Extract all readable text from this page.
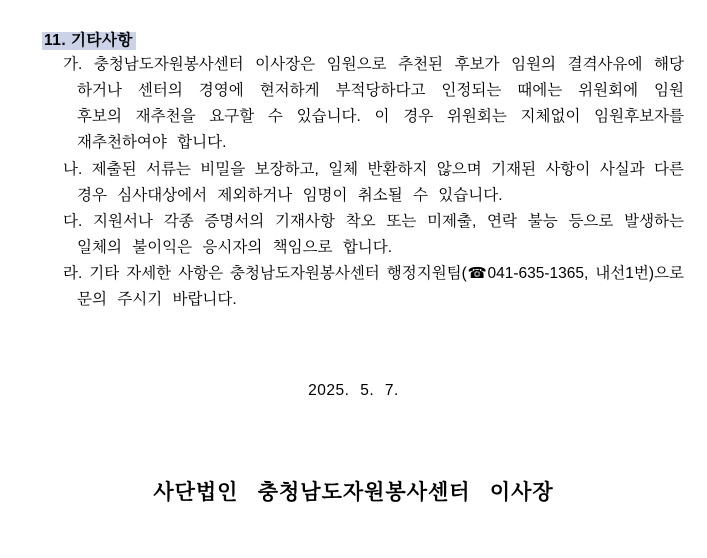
11. 기타사항
가. 충청남도자원봉사센터 이사장은 임원으로 추천된 후보가 임원의 결격사유에 해당
하거나 센터의 경영에 현저하게 부적당하다고 인정되는 때에는 위원회에 임원
후보의 재추천을 요구할 수 있습니다. 이 경우 위원회는 지체없이 임원후보자를
재추천하여야 합니다.
나. 제출된 서류는 비밀을 보장하고, 일체 반환하지 않으며 기재된 사항이 사실과 다른
경우 심사대상에서 제외하거나 임명이 취소될 수 있습니다.
다. 지원서나 각종 증명서의 기재사항 착오 또는 미제출, 연락 불능 등으로 발생하는
일체의 불이익은 응시자의 책임으로 합니다.
라. 기타 자세한 사항은 충청남도자원봉사센터 행정지원팀(☎041-635-1365, 내선1번)으로
문의 주시기 바랍니다.
2025. 5. 7.
사단법인 충청남도자원봉사센터 이사장
